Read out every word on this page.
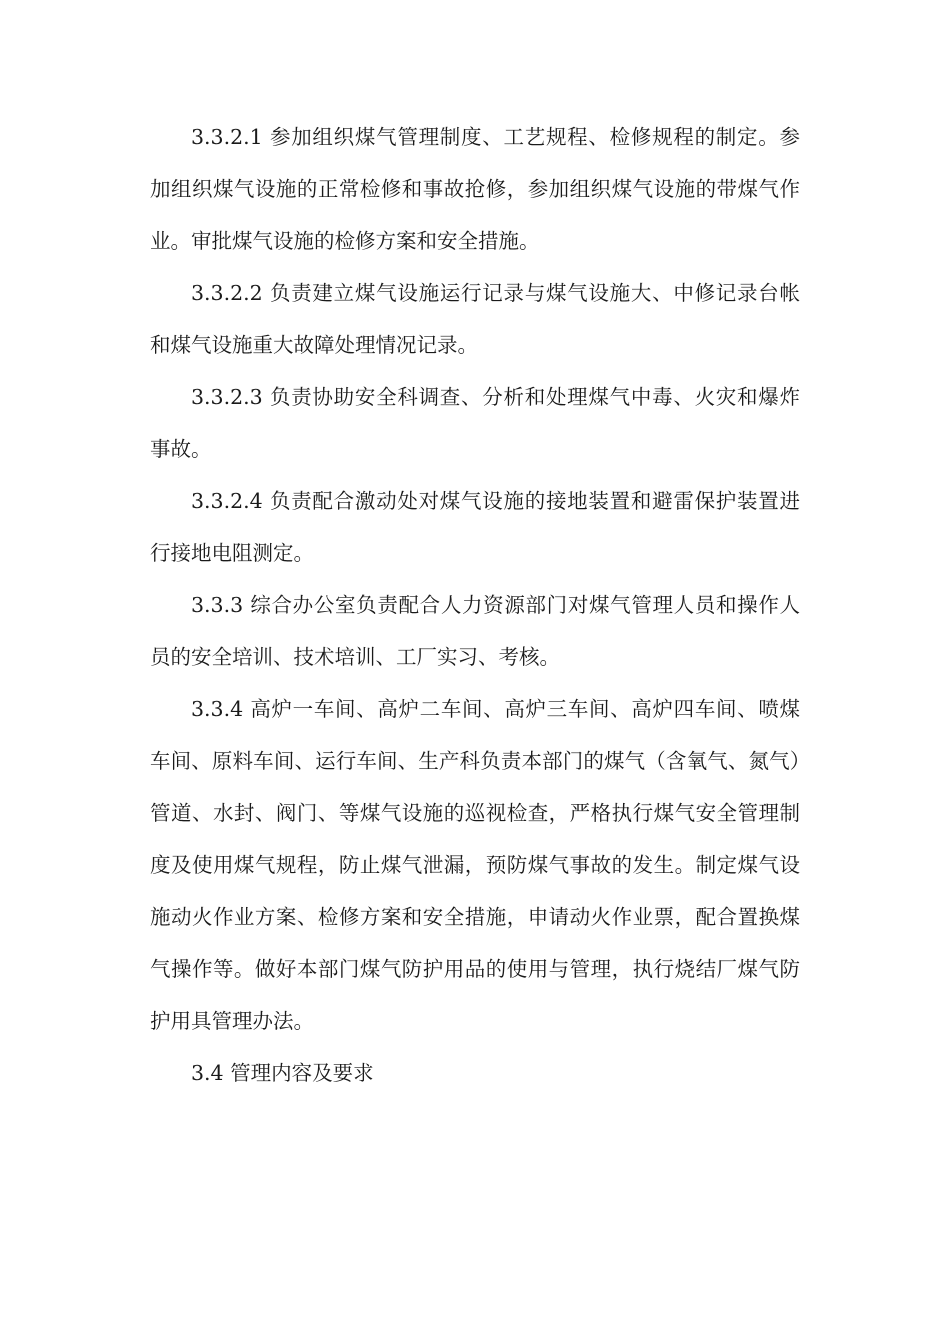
3.3.2.1 参加组织煤气管理制度、工艺规程、检修规程的制定。参加组织煤气设施的正常检修和事故抢修，参加组织煤气设施的带煤气作业。审批煤气设施的检修方案和安全措施。

3.3.2.2 负责建立煤气设施运行记录与煤气设施大、中修记录台帐和煤气设施重大故障处理情况记录。

3.3.2.3 负责协助安全科调查、分析和处理煤气中毒、火灾和爆炸事故。

3.3.2.4 负责配合激动处对煤气设施的接地装置和避雷保护装置进行接地电阻测定。

3.3.3 综合办公室负责配合人力资源部门对煤气管理人员和操作人员的安全培训、技术培训、工厂实习、考核。

3.3.4 高炉一车间、高炉二车间、高炉三车间、高炉四车间、喷煤车间、原料车间、运行车间、生产科负责本部门的煤气（含氧气、氮气）管道、水封、阀门、等煤气设施的巡视检查，严格执行煤气安全管理制度及使用煤气规程，防止煤气泄漏，预防煤气事故的发生。制定煤气设施动火作业方案、检修方案和安全措施，申请动火作业票，配合置换煤气操作等。做好本部门煤气防护用品的使用与管理，执行烧结厂煤气防护用具管理办法。

3.4 管理内容及要求
